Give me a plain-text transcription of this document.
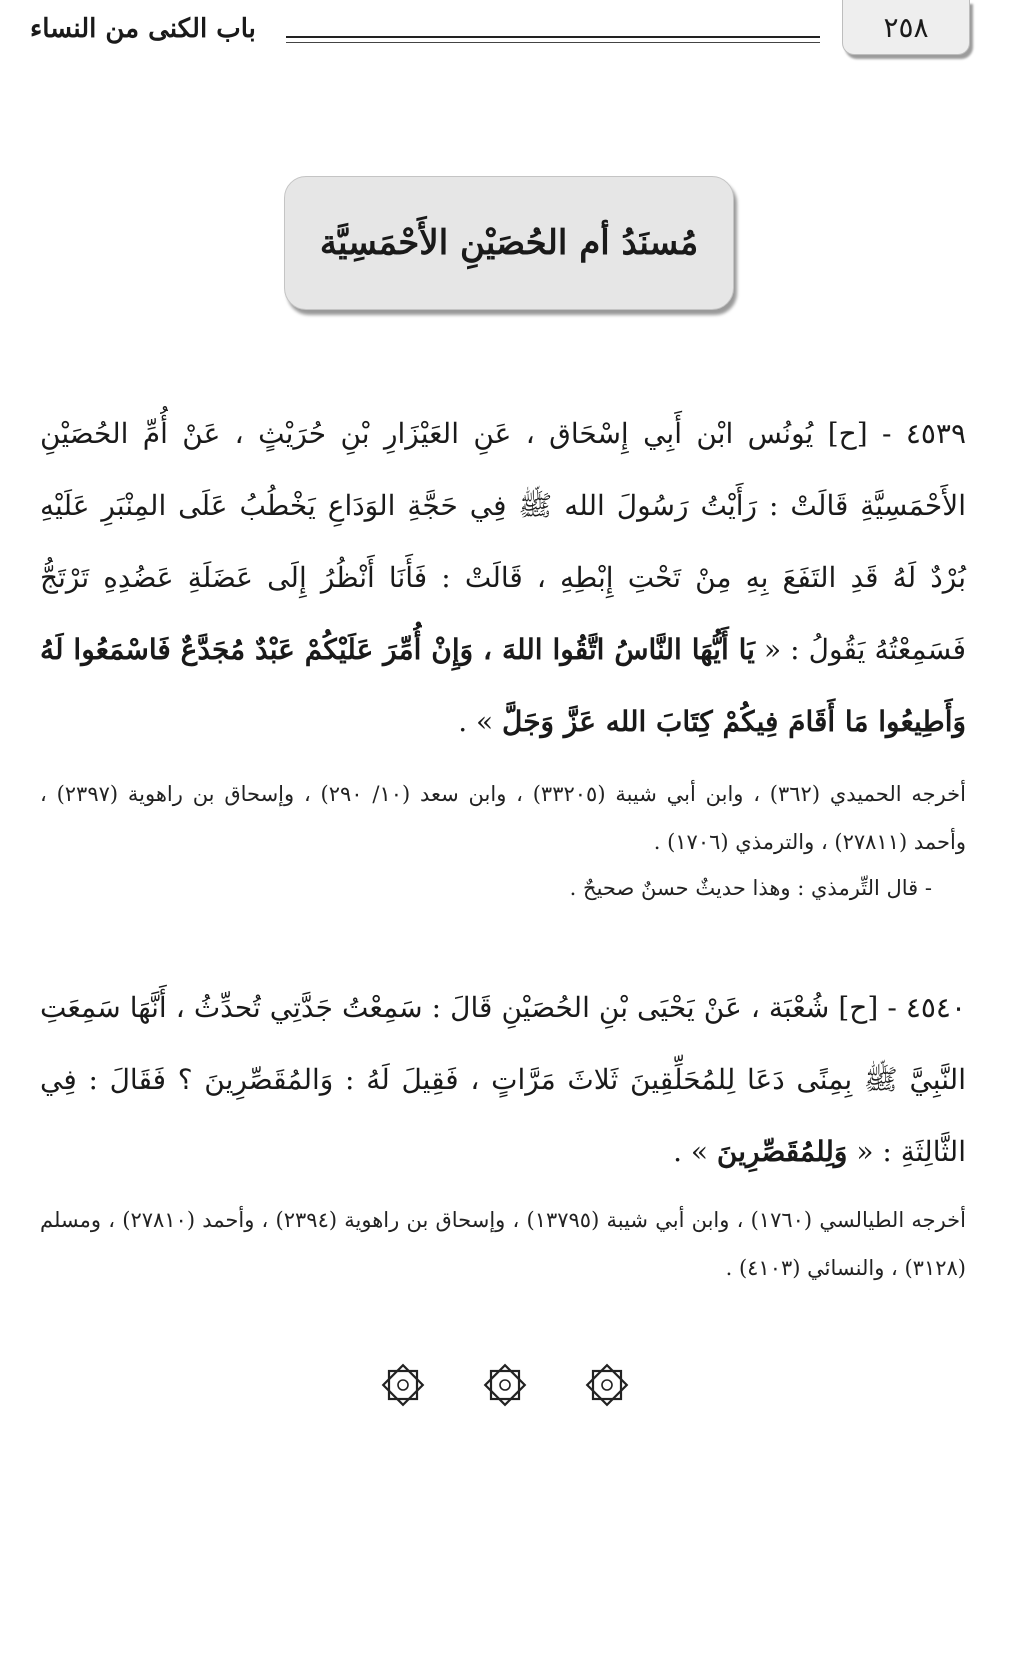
باب الكنى من النساء	٢٥٨
مُسنَدُ أم الحُصَيْنِ الأَحْمَسِيَّة
٤٥٣٩ - [ح] يُونُس ابْن أَبِي إِسْحَاق ، عَنِ العَيْزَارِ بْنِ حُرَيْثٍ ، عَنْ أُمِّ الحُصَيْنِ الأَحْمَسِيَّةِ قَالَتْ : رَأَيْتُ رَسُولَ الله ﷺ فِي حَجَّةِ الوَدَاعِ يَخْطُبُ عَلَى المِنْبَرِ عَلَيْهِ بُرْدٌ لَهُ قَدِ التَفَعَ بِهِ مِنْ تَحْتِ إِبْطِهِ ، قَالَتْ : فَأَنَا أَنْظُرُ إِلَى عَضَلَةِ عَضُدِهِ تَرْتَجُّ فَسَمِعْتُهُ يَقُولُ : « يَا أَيُّهَا النَّاسُ اتَّقُوا اللهَ ، وَإِنْ أُمِّرَ عَلَيْكُمْ عَبْدٌ مُجَدَّعٌ فَاسْمَعُوا لَهُ وَأَطِيعُوا مَا أَقَامَ فِيكُمْ كِتَابَ الله عَزَّ وَجَلَّ » .
أخرجه الحميدي (٣٦٢) ، وابن أبي شيبة (٣٣٢٠٥) ، وابن سعد (١٠/ ٢٩٠) ، وإسحاق بن راهوية (٢٣٩٧) ، وأحمد (٢٧٨١١) ، والترمذي (١٧٠٦) .
- قال التِّرمذي : وهذا حديثٌ حسنٌ صحيحٌ .
٤٥٤٠ - [ح] شُعْبَة ، عَنْ يَحْيَى بْنِ الحُصَيْنِ قَالَ : سَمِعْتُ جَدَّتِي تُحدِّثُ ، أَنَّهَا سَمِعَتِ النَّبِيَّ ﷺ بِمِنًى دَعَا لِلمُحَلِّقِينَ ثَلاثَ مَرَّاتٍ ، فَقِيلَ لَهُ : وَالمُقَصِّرِينَ ؟ فَقَالَ : فِي الثَّالِثَةِ : « وَلِلمُقَصِّرِينَ » .
أخرجه الطيالسي (١٧٦٠) ، وابن أبي شيبة (١٣٧٩٥) ، وإسحاق بن راهوية (٢٣٩٤) ، وأحمد (٢٧٨١٠) ، ومسلم (٣١٢٨) ، والنسائي (٤١٠٣) .
